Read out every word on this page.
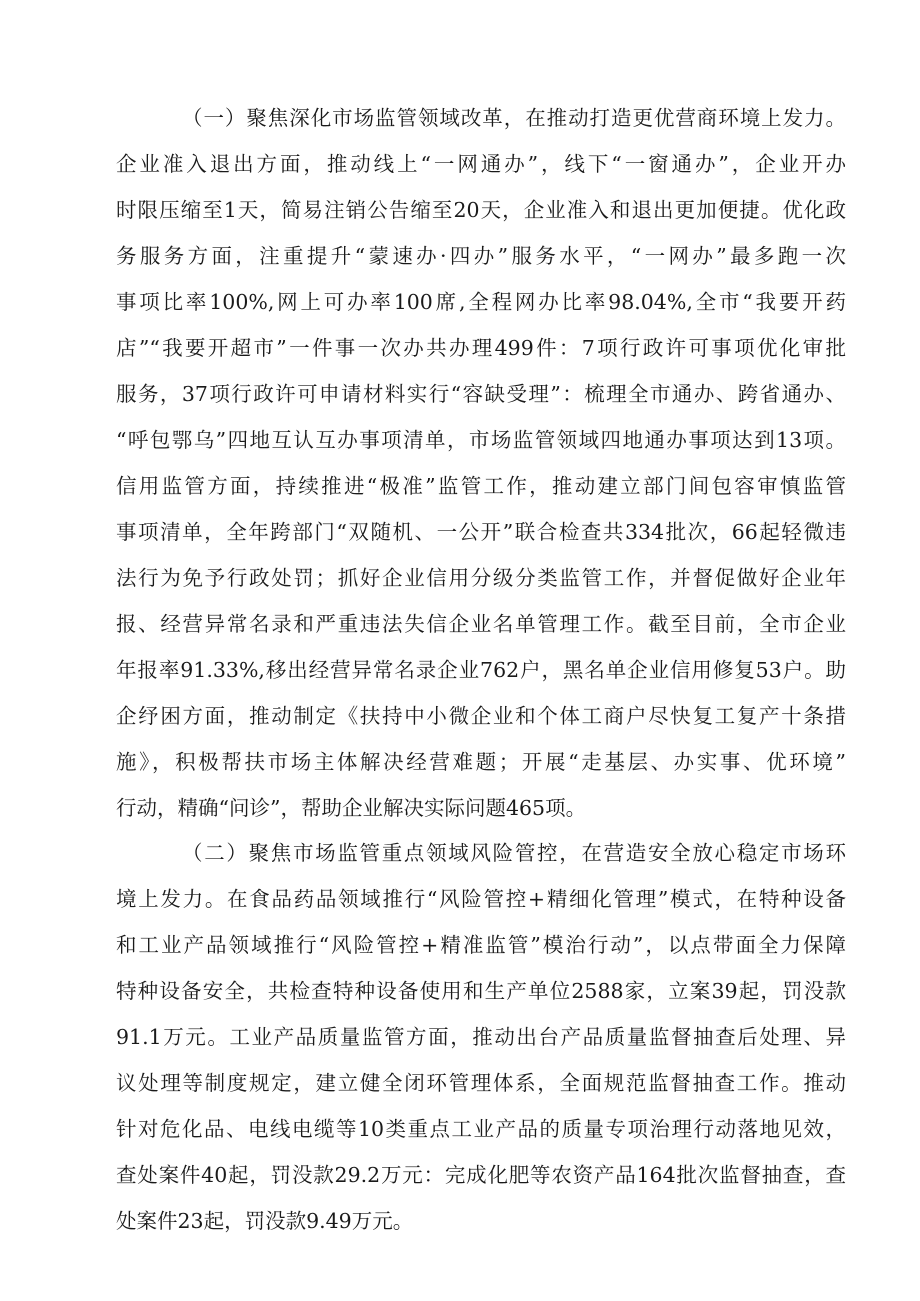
（一）聚焦深化市场监管领域改革，在推动打造更优营商环境上发力。
企业准入退出方面，推动线上“一网通办”，线下“一窗通办”，企业开办
时限压缩至1天，简易注销公告缩至20天，企业准入和退出更加便捷。优化政
务服务方面，注重提升“蒙速办·四办”服务水平，“一网办”最多跑一次
事项比率100%,网上可办率100席,全程网办比率98.04%,全市“我要开药
店”“我要开超市”一件事一次办共办理499件：7项行政许可事项优化审批
服务，37项行政许可申请材料实行“容缺受理”：梳理全市通办、跨省通办、
“呼包鄂乌”四地互认互办事项清单，市场监管领域四地通办事项达到13项。
信用监管方面，持续推进“极准”监管工作，推动建立部门间包容审慎监管
事项清单，全年跨部门“双随机、一公开”联合检查共334批次，66起轻微违
法行为免予行政处罚；抓好企业信用分级分类监管工作，并督促做好企业年
报、经营异常名录和严重违法失信企业名单管理工作。截至目前，全市企业
年报率91.33%,移出经营异常名录企业762户，黑名单企业信用修复53户。助
企纾困方面，推动制定《扶持中小微企业和个体工商户尽快复工复产十条措
施》，积极帮扶市场主体解决经营难题；开展“走基层、办实事、优环境”
行动，精确“问诊”，帮助企业解决实际问题465项。
（二）聚焦市场监管重点领域风险管控，在营造安全放心稳定市场环
境上发力。在食品药品领域推行“风险管控+精细化管理”模式，在特种设备
和工业产品领域推行“风险管控+精准监管”模治行动”，以点带面全力保障
特种设备安全，共检查特种设备使用和生产单位2588家，立案39起，罚没款
91.1万元。工业产品质量监管方面，推动出台产品质量监督抽查后处理、异
议处理等制度规定，建立健全闭环管理体系，全面规范监督抽查工作。推动
针对危化品、电线电缆等10类重点工业产品的质量专项治理行动落地见效，
查处案件40起，罚没款29.2万元：完成化肥等农资产品164批次监督抽查，查
处案件23起，罚没款9.49万元。
